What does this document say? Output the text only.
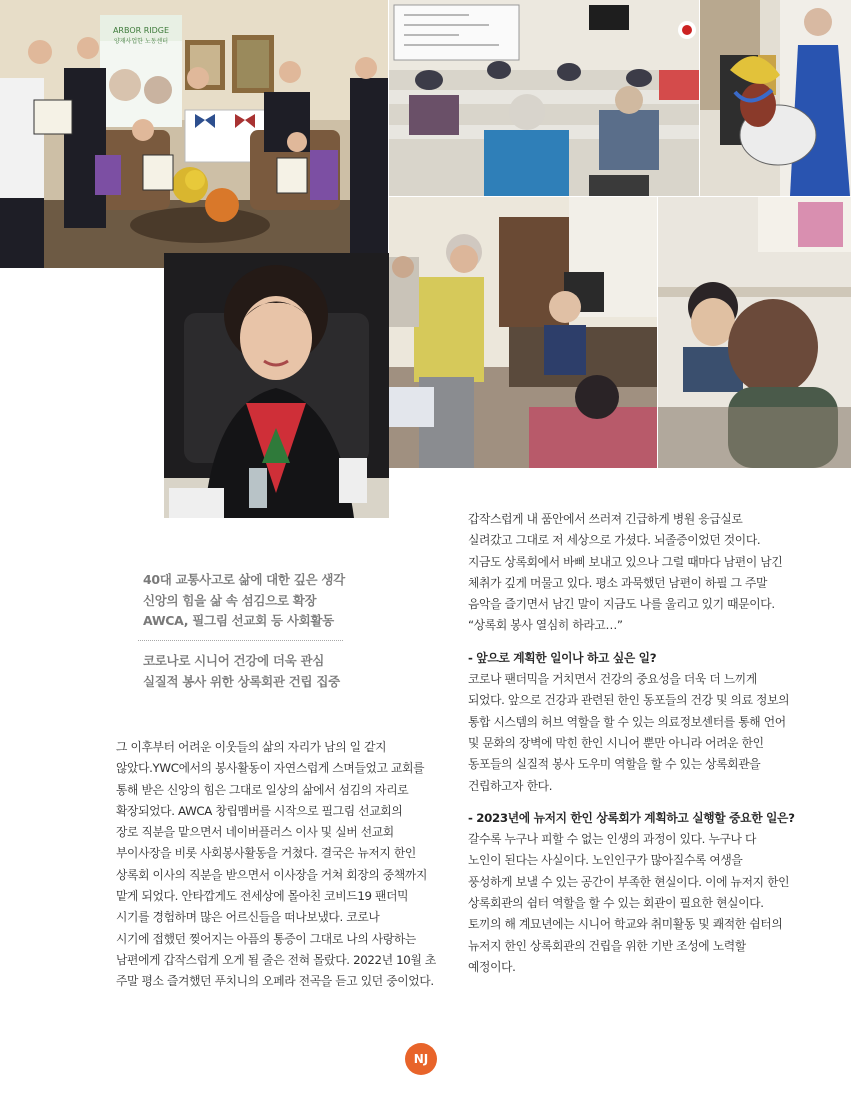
ARBOR RIDGE
양재사업한 노동센터
40대 교통사고로 삶에 대한 깊은 생각
신앙의 힘을 삶 속 섬김으로 확장
AWCA, 필그림 선교회 등 사회활동
코로나로 시니어 건강에 더욱 관심
실질적 봉사 위한 상록회관 건립 집중
그 이후부터 어려운 이웃들의 삶의 자리가 남의 일 같지
않았다.YWC에서의 봉사활동이 자연스럽게 스며들었고 교회를
통해 받은 신앙의 힘은 그대로 일상의 삶에서 섬김의 자리로
확장되었다. AWCA 창립멤버를 시작으로 필그림 선교회의
장로 직분을 맡으면서 네이버플러스 이사 및 실버 선교회
부이사장을 비롯 사회봉사활동을 거쳤다. 결국은 뉴저지 한인
상록회 이사의 직분을 받으면서 이사장을 거쳐 회장의 중책까지
맡게 되었다. 안타깝게도 전세상에 몰아친 코비드19 팬더믹
시기를 경험하며 많은 어르신들을 떠나보냈다. 코로나
시기에 접했던 찢어지는 아픔의 통증이 그대로 나의 사랑하는
남편에게 갑작스럽게 오게 될 줄은 전혀 몰랐다. 2022년 10월 초
주말 평소 즐겨했던 푸치니의 오페라 전곡을 듣고 있던 중이었다.
갑작스럽게 내 품안에서 쓰러져 긴급하게 병원 응급실로
실려갔고 그대로 저 세상으로 가셨다. 뇌졸증이었던 것이다.
지금도 상록회에서 바삐 보내고 있으나 그럴 때마다 남편이 남긴
체취가 깊게 머물고 있다. 평소 과묵했던 남편이 하필 그 주말
음악을 즐기면서 남긴 말이 지금도 나를 울리고 있기 때문이다.
“상록회 봉사 열심히 하라고…”
- 앞으로 계획한 일이나 하고 싶은 일?
코로나 팬더믹을 거치면서 건강의 중요성을 더욱 더 느끼게
되었다. 앞으로 건강과 관련된 한인 동포들의 건강 및 의료 정보의
통합 시스템의 허브 역할을 할 수 있는 의료정보센터를 통해 언어
및 문화의 장벽에 막힌 한인 시니어 뿐만 아니라 어려운 한인
동포들의 실질적 봉사 도우미 역할을 할 수 있는 상록회관을
건립하고자 한다.
- 2023년에 뉴저지 한인 상록회가 계획하고 실행할 중요한 일은?
갈수록 누구나 피할 수 없는 인생의 과정이 있다. 누구나 다
노인이 된다는 사실이다. 노인인구가 많아질수록 여생을
풍성하게 보낼 수 있는 공간이 부족한 현실이다. 이에 뉴저지 한인
상록회관의 쉼터 역할을 할 수 있는 회관이 필요한 현실이다.
토끼의 해 계묘년에는 시니어 학교와 취미활동 및 쾌적한 쉼터의
뉴저지 한인 상록회관의 건립을 위한 기반 조성에 노력할
예정이다.
NJ
